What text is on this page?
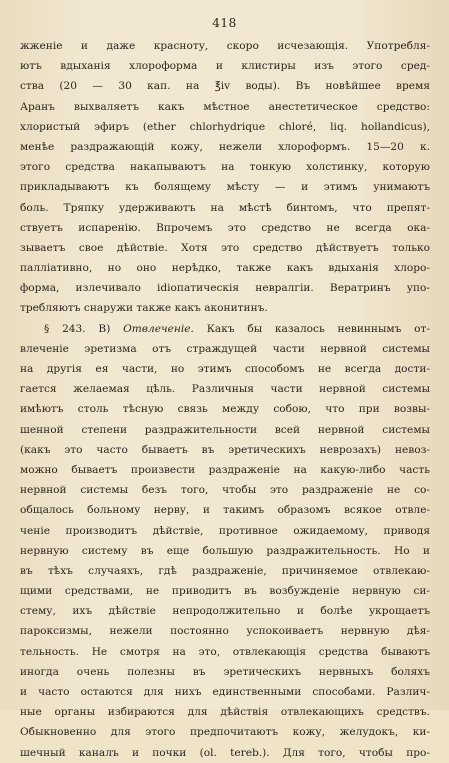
418
жженіе и даже красноту, скоро исчезающія. Употребля-
ютъ вдыханія хлороформа и клистиры изъ этого сред-
ства (20 — 30 кап. на ℥iv воды). Въ новѣйшее время
Аранъ выхваляетъ какъ мѣстное анестетическое средство:
хлористый эфиръ (ether chlorhydrique chloré, liq. hollandicus),
менѣе раздражающій кожу, нежели хлороформъ. 15—20 к.
этого средства накапываютъ на тонкую холстинку, которую
прикладываютъ къ болящему мѣсту — и этимъ унимаютъ
боль. Тряпку удерживаютъ на мѣстѣ бинтомъ, что препят-
ствуетъ испаренію. Впрочемъ это средство не всегда ока-
зываетъ свое дѣйствіе. Хотя это средство дѣйствуетъ только
палліативно, но оно нерѣдко, также какъ вдыханія хлоро-
форма, излечивало idiопатическія невралгіи. Вератринъ упо-
требляютъ снаружи также какъ аконитинъ.
§ 243. В) Отвлеченіе. Какъ бы казалось невиннымъ от-
влеченіе эретизма отъ страждущей части нервной системы
на другія ея части, но этимъ способомъ не всегда дости-
гается желаемая цѣль. Различныя части нервной системы
имѣютъ столь тѣсную связь между собою, что при возвы-
шенной степени раздражительности всей нервной системы
(какъ это часто бываетъ въ эретическихъ неврозахъ) невоз-
можно бываетъ произвести раздраженіе на какую-либо часть
нервной системы безъ того, чтобы это раздраженіе не со-
общалось больному нерву, и такимъ образомъ всякое отвле-
ченіе производитъ дѣйствіе, противное ожидаемому, приводя
нервную систему въ еще большую раздражительность. Но и
въ тѣхъ случаяхъ, гдѣ раздраженіе, причиняемое отвлекаю-
щими средствами, не приводитъ въ возбужденіе нервную си-
стему, ихъ дѣйствіе непродолжительно и болѣе укрощаетъ
пароксизмы, нежели постоянно успокоиваетъ нервную дѣя-
тельность. Не смотря на это, отвлекающія средства бываютъ
иногда очень полезны въ эретическихъ нервныхъ боляхъ
и часто остаются для нихъ единственными способами. Различ-
ные органы избираются для дѣйствія отвлекающихъ средствъ.
Обыкновенно для этого предпочитаютъ кожу, желудокъ, ки-
шечный каналъ и почки (ol. tereb.). Для того, чтобы про-
